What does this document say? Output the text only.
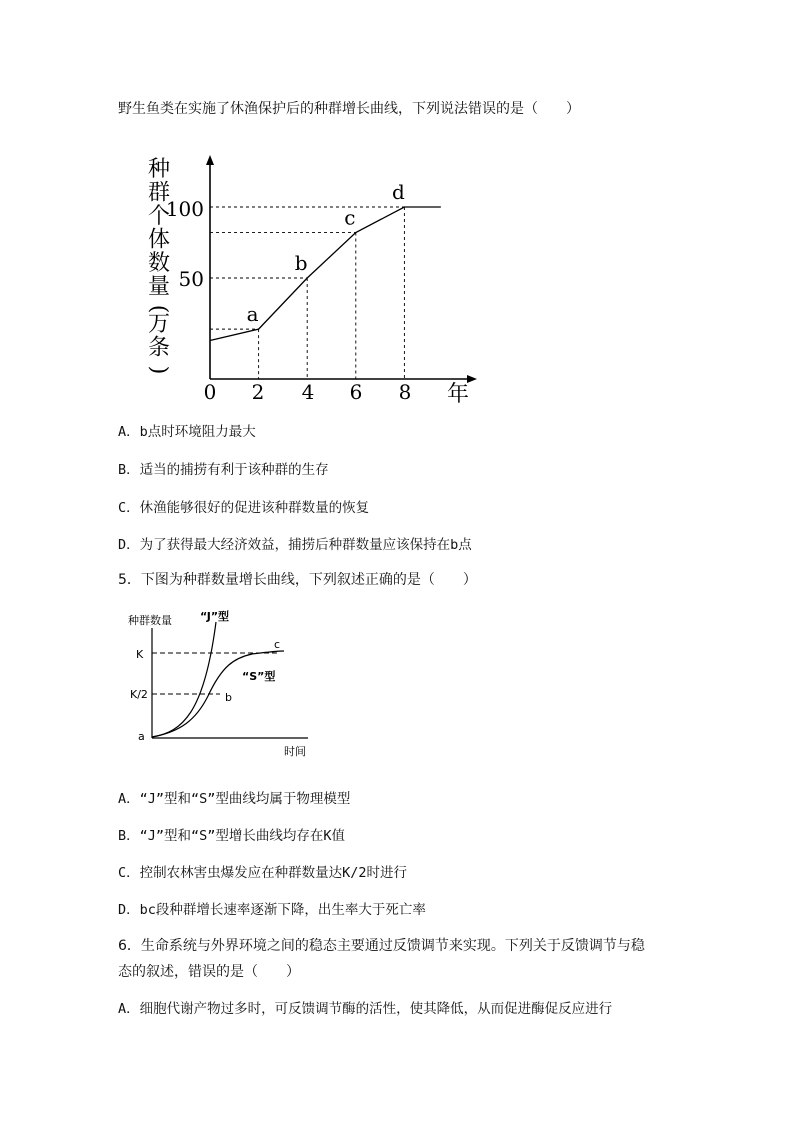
野生鱼类在实施了休渔保护后的种群增长曲线，下列说法错误的是（　　）
种
群
个
体
数
量
(
万
条
)
a
b
c
d
100
50
0 2 4 6 8 年
A．b点时环境阻力最大
B．适当的捕捞有利于该种群的生存
C．休渔能够很好的促进该种群数量的恢复
D．为了获得最大经济效益，捕捞后种群数量应该保持在b点
5．下图为种群数量增长曲线，下列叙述正确的是（　　）
种群数量	“J”型
K
K/2
a
b
c
“S”型
时间
A．“J”型和“S”型曲线均属于物理模型
B．“J”型和“S”型增长曲线均存在K值
C．控制农林害虫爆发应在种群数量达K/2时进行
D．bc段种群增长速率逐渐下降，出生率大于死亡率
6．生命系统与外界环境之间的稳态主要通过反馈调节来实现。下列关于反馈调节与稳
态的叙述，错误的是（　　）
A．细胞代谢产物过多时，可反馈调节酶的活性，使其降低，从而促进酶促反应进行
